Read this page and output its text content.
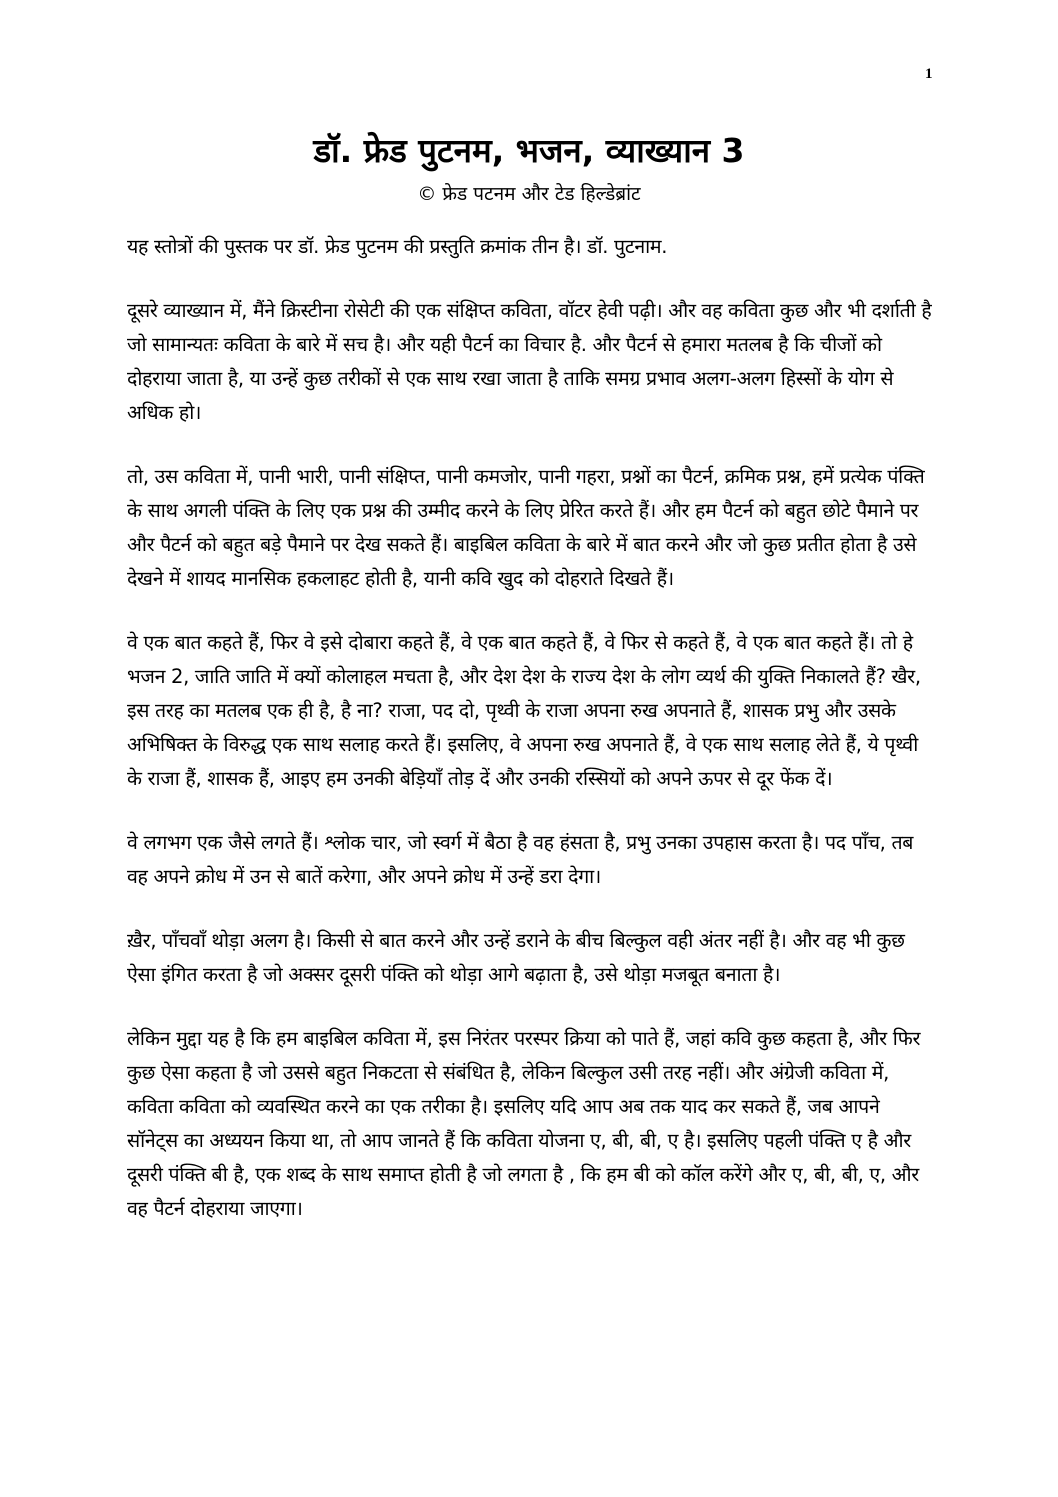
1
डॉ. फ्रेड पुटनम, भजन, व्याख्यान 3
© फ्रेड पटनम और टेड हिल्डेब्रांट

यह स्तोत्रों की पुस्तक पर डॉ. फ्रेड पुटनम की प्रस्तुति क्रमांक तीन है। डॉ. पुटनाम.

दूसरे व्याख्यान में, मैंने क्रिस्टीना रोसेटी की एक संक्षिप्त कविता, वॉटर हेवी पढ़ी। और वह कविता कुछ और भी दर्शाती है जो सामान्यतः कविता के बारे में सच है। और यही पैटर्न का विचार है. और पैटर्न से हमारा मतलब है कि चीजों को दोहराया जाता है, या उन्हें कुछ तरीकों से एक साथ रखा जाता है ताकि समग्र प्रभाव अलग-अलग हिस्सों के योग से अधिक हो।

तो, उस कविता में, पानी भारी, पानी संक्षिप्त, पानी कमजोर, पानी गहरा, प्रश्नों का पैटर्न, क्रमिक प्रश्न, हमें प्रत्येक पंक्ति के साथ अगली पंक्ति के लिए एक प्रश्न की उम्मीद करने के लिए प्रेरित करते हैं। और हम पैटर्न को बहुत छोटे पैमाने पर और पैटर्न को बहुत बड़े पैमाने पर देख सकते हैं। बाइबिल कविता के बारे में बात करने और जो कुछ प्रतीत होता है उसे देखने में शायद मानसिक हकलाहट होती है, यानी कवि खुद को दोहराते दिखते हैं।

वे एक बात कहते हैं, फिर वे इसे दोबारा कहते हैं, वे एक बात कहते हैं, वे फिर से कहते हैं, वे एक बात कहते हैं। तो हे भजन 2, जाति जाति में क्यों कोलाहल मचता है, और देश देश के राज्य देश के लोग व्यर्थ की युक्ति निकालते हैं? खैर, इस तरह का मतलब एक ही है, है ना? राजा, पद दो, पृथ्वी के राजा अपना रुख अपनाते हैं, शासक प्रभु और उसके अभिषिक्त के विरुद्ध एक साथ सलाह करते हैं। इसलिए, वे अपना रुख अपनाते हैं, वे एक साथ सलाह लेते हैं, ये पृथ्वी के राजा हैं, शासक हैं, आइए हम उनकी बेड़ियाँ तोड़ दें और उनकी रस्सियों को अपने ऊपर से दूर फेंक दें।

वे लगभग एक जैसे लगते हैं। श्लोक चार, जो स्वर्ग में बैठा है वह हंसता है, प्रभु उनका उपहास करता है। पद पाँच, तब वह अपने क्रोध में उन से बातें करेगा, और अपने क्रोध में उन्हें डरा देगा।

ख़ैर, पाँचवाँ थोड़ा अलग है। किसी से बात करने और उन्हें डराने के बीच बिल्कुल वही अंतर नहीं है। और वह भी कुछ ऐसा इंगित करता है जो अक्सर दूसरी पंक्ति को थोड़ा आगे बढ़ाता है, उसे थोड़ा मजबूत बनाता है।

लेकिन मुद्दा यह है कि हम बाइबिल कविता में, इस निरंतर परस्पर क्रिया को पाते हैं, जहां कवि कुछ कहता है, और फिर कुछ ऐसा कहता है जो उससे बहुत निकटता से संबंधित है, लेकिन बिल्कुल उसी तरह नहीं। और अंग्रेजी कविता में, कविता कविता को व्यवस्थित करने का एक तरीका है। इसलिए यदि आप अब तक याद कर सकते हैं, जब आपने सॉनेट्स का अध्ययन किया था, तो आप जानते हैं कि कविता योजना ए, बी, बी, ए है। इसलिए पहली पंक्ति ए है और दूसरी पंक्ति बी है, एक शब्द के साथ समाप्त होती है जो लगता है , कि हम बी को कॉल करेंगे और ए, बी, बी, ए, और वह पैटर्न दोहराया जाएगा।
